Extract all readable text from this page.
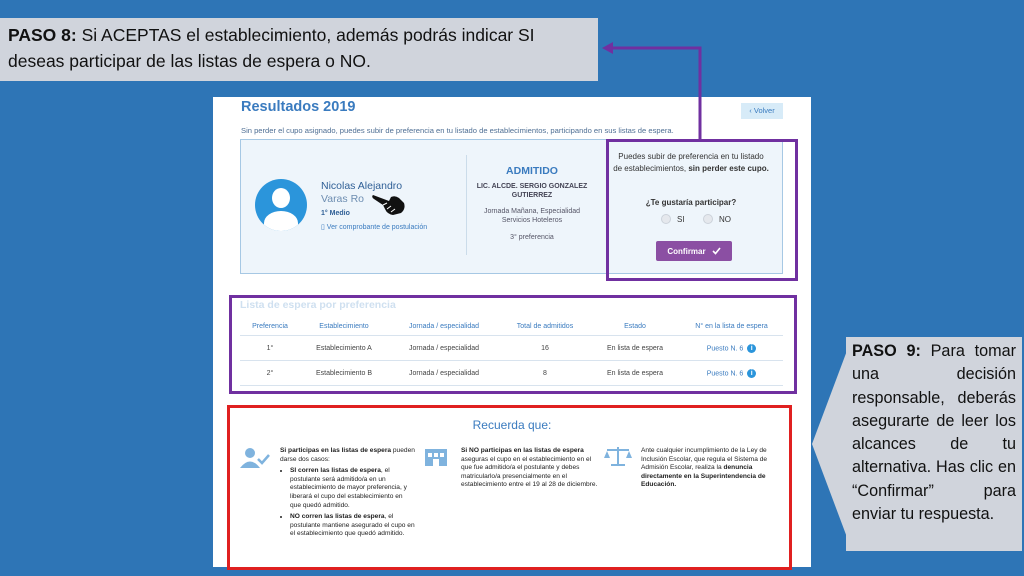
PASO 8: Si ACEPTAS el establecimiento, además podrás indicar SI deseas participar de las listas de espera o NO.
Resultados 2019	‹ Volver
Sin perder el cupo asignado, puedes subir de preferencia en tu listado de establecimientos, participando en sus listas de espera.
Nicolas Alejandro
Varas Ro
1° Medio
▯ Ver comprobante de postulación
ADMITIDO
LIC. ALCDE. SERGIO GONZALEZ GUTIERREZ
Jornada Mañana, Especialidad Servicios Hoteleros
3° preferencia
Puedes subir de preferencia en tu listado de establecimientos, sin perder este cupo.
¿Te gustaría participar?
SI	NO
Confirmar
Lista de espera por preferencia
Preferencia	Establecimiento	Jornada / especialidad	Total de admitidos	Estado	N° en la lista de espera
1°	Establecimiento A	Jornada / especialidad	16	En lista de espera	Puesto N. 6 i
2°	Establecimiento B	Jornada / especialidad	8	En lista de espera	Puesto N. 6 i
Recuerda que:
Si participas en las listas de espera pueden darse dos casos:
• SI corren las listas de espera, el postulante será admitido/a en un establecimiento de mayor preferencia, y liberará el cupo del establecimiento en que quedó admitido.
• NO corren las listas de espera, el postulante mantiene asegurado el cupo en el establecimiento que quedó admitido.
Si NO participas en las listas de espera aseguras el cupo en el establecimiento en el que fue admitido/a el postulante y debes matricularlo/a presencialmente en el establecimiento entre el 19 al 28 de diciembre.
Ante cualquier incumplimiento de la Ley de Inclusión Escolar, que regula el Sistema de Admisión Escolar, realiza la denuncia directamente en la Superintendencia de Educación.
PASO 9: Para tomar una decisión responsable, deberás asegurarte de leer los alcances de tu alternativa. Has clic en “Confirmar” para enviar tu respuesta.
